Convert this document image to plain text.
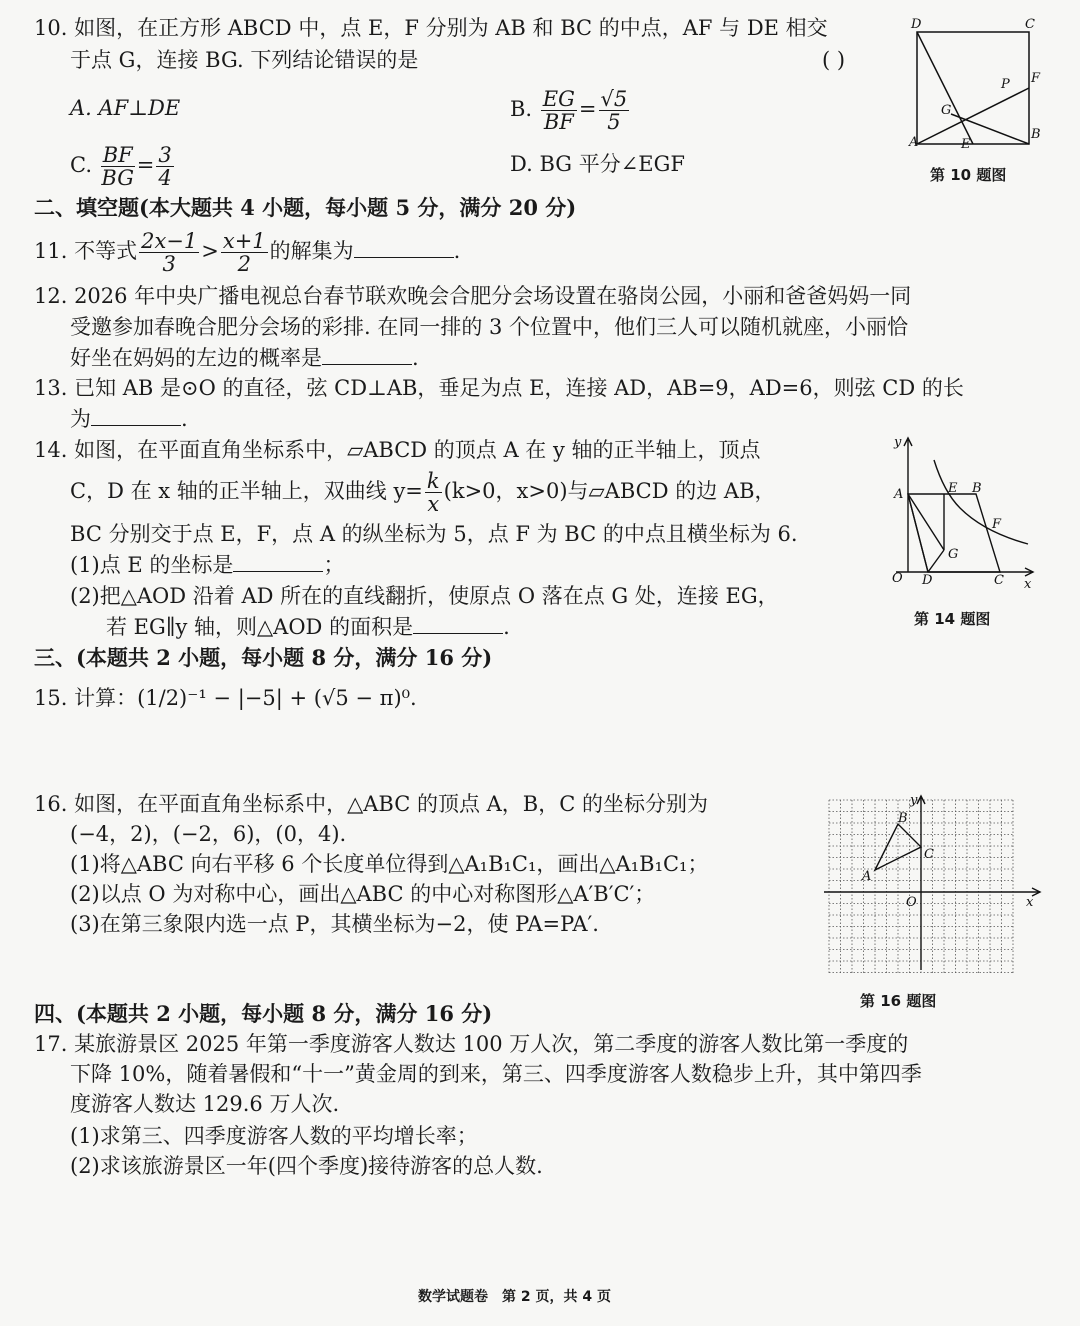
10. 如图，在正方形 ABCD 中，点 E，F 分别为 AB 和 BC 的中点，AF 与 DE 相交
于点 G，连接 BG. 下列结论错误的是	( )
A. AF⊥DE	B. $\frac{EG}{BF} = \frac{√5}{5}$
C. $\frac{BF}{BG} = \frac{3}{4}$	D. BG 平分∠EGF
D	C
A
B
E
F
G
P
第 10 题图
二、填空题(本大题共 4 小题，每小题 5 分，满分 20 分)
11. 不等式 $\frac{2x-1}{3} > \frac{x+1}{2}$ 的解集为	.
12. 2026 年中央广播电视总台春节联欢晚会合肥分会场设置在骆岗公园，小丽和爸爸妈妈一同
受邀参加春晚合肥分会场的彩排. 在同一排的 3 个位置中，他们三人可以随机就座，小丽恰
好坐在妈妈的左边的概率是	.
13. 已知 AB 是⊙O 的直径，弦 CD⊥AB，垂足为点 E，连接 AD，AB=9，AD=6，则弦 CD 的长
为	.
14. 如图，在平面直角坐标系中，▱ABCD 的顶点 A 在 y 轴的正半轴上，顶点
C，D 在 x 轴的正半轴上，双曲线 $y= \frac{k}{x} (k>0$，x>0)与▱ABCD 的边 AB，
BC 分别交于点 E，F，点 A 的纵坐标为 5，点 F 为 BC 的中点且横坐标为 6.
(1)点 E 的坐标是	；
(2)把△AOD 沿着 AD 所在的直线翻折，使原点 O 落在点 G 处，连接 EG，
若 EG∥y 轴，则△AOD 的面积是	.
y
x
O
A	E B
F
G
D	C
第 14 题图
三、(本题共 2 小题，每小题 8 分，满分 16 分)
15. 计算：(1/2)⁻¹ − |−5| + (√5 − π)⁰.
16. 如图，在平面直角坐标系中，△ABC 的顶点 A，B，C 的坐标分别为
(−4，2)，(−2，6)，(0，4).
(1)将△ABC 向右平移 6 个长度单位得到△A₁B₁C₁，画出△A₁B₁C₁；
(2)以点 O 为对称中心，画出△ABC 的中心对称图形△A′B′C′；
(3)在第三象限内选一点 P，其横坐标为−2，使 PA=PA′.
y
x
O
A
B
C
第 16 题图
四、(本题共 2 小题，每小题 8 分，满分 16 分)
17. 某旅游景区 2025 年第一季度游客人数达 100 万人次，第二季度的游客人数比第一季度的
下降 10%，随着暑假和“十一”黄金周的到来，第三、四季度游客人数稳步上升，其中第四季
度游客人数达 129.6 万人次.
(1)求第三、四季度游客人数的平均增长率；
(2)求该旅游景区一年(四个季度)接待游客的总人数.
数学试题卷　第 2 页，共 4 页
